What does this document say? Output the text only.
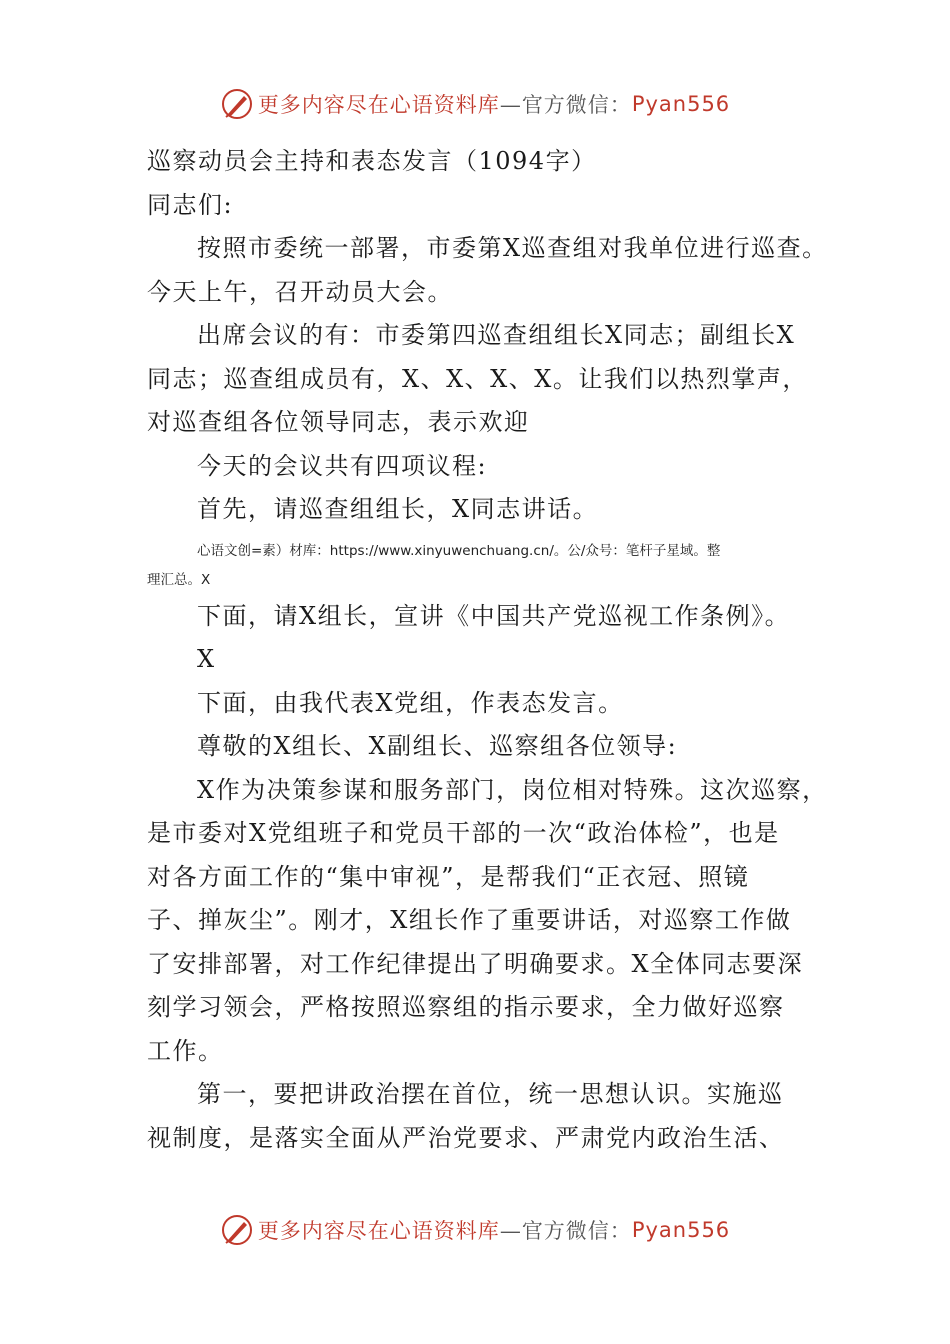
更多内容尽在心语资料库 —官方微信： Pyan556
巡察动员会主持和表态发言（1094字）
同志们:
按照市委统一部署，市委第X巡查组对我单位进行巡查。
今天上午，召开动员大会。
出席会议的有：市委第四巡查组组长X同志；副组长X
同志；巡查组成员有，X、X、X、X。让我们以热烈掌声，
对巡查组各位领导同志，表示欢迎
今天的会议共有四项议程:
首先，请巡查组组长，X同志讲话。
心语文创=素）材库：https://www.xinyuwenchuang.cn/。公/众号：笔杆子星域。整
理汇总。X
下面，请X组长，宣讲《中国共产党巡视工作条例》。
X
下面，由我代表X党组，作表态发言。
尊敬的X组长、X副组长、巡察组各位领导:
X作为决策参谋和服务部门，岗位相对特殊。这次巡察，
是市委对X党组班子和党员干部的一次“政治体检”，也是
对各方面工作的“集中审视”，是帮我们“正衣冠、照镜
子、掸灰尘”。刚才，X组长作了重要讲话，对巡察工作做
了安排部署，对工作纪律提出了明确要求。X全体同志要深
刻学习领会，严格按照巡察组的指示要求，全力做好巡察
工作。
第一，要把讲政治摆在首位，统一思想认识。实施巡
视制度，是落实全面从严治党要求、严肃党内政治生活、
更多内容尽在心语资料库 —官方微信： Pyan556
